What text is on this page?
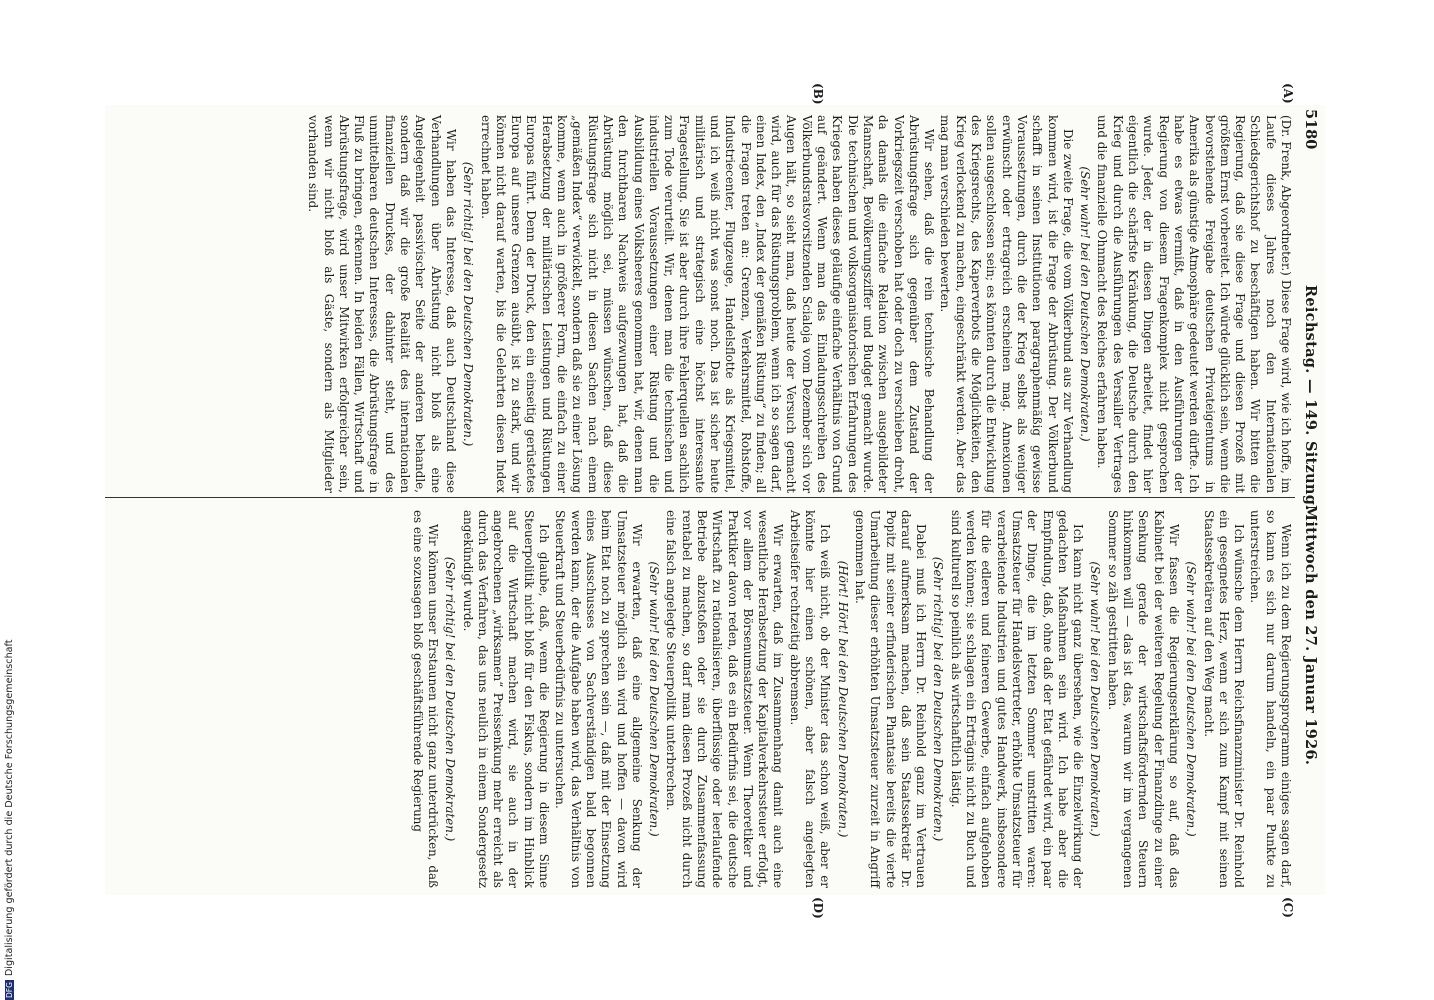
5180
Reichstag. — 149. Sitzung.
Mittwoch den 27. Januar 1926.
(A)
(B)
(C)
(D)

(Dr. Frenk, Abgeordneter.) Diese Frage wird, wie ich hoffe, im Laufe dieses Jahres noch den Internationalen Schiedsgerichtshof zu beschäftigen haben. Wir bitten die Regierung, daß sie diese Frage und diesen Prozeß mit größtem Ernst vorbereitet. Ich würde glücklich sein, wenn die bevorstehende Freigabe deutschen Privateigentums in Amerika als günstige Atmosphäre gedeutet werden dürfte. Ich habe es etwas vermißt, daß in den Ausführungen der Regierung von diesem Fragenkomplex nicht gesprochen wurde. Jeder, der in diesen Dingen arbeitet, findet hier eigentlich die schärfste Kränkung, die Deutsche durch den Krieg und durch die Ausführungen des Versailler Vertrages und die finanzielle Ohnmacht des Reiches erfahren haben.

(Sehr wahr! bei den Deutschen Demokraten.)

Die zweite Frage, die vom Völkerbund aus zur Verhandlung kommen wird, ist die Frage der Abrüstung. Der Völkerbund schafft in seinen Institutionen paragraphenmäßig gewisse Voraussetzungen, durch die der Krieg selbst als weniger erwünscht oder ertragreich erscheinen mag. Annexionen sollen ausgeschlossen sein; es könnten durch die Entwicklung des Kriegsrechts, des Kaperverbots die Möglichkeiten, den Krieg verlockend zu machen, eingeschränkt werden. Aber das mag man verschieden bewerten.

Wir sehen, daß die rein technische Behandlung der Abrüstungsfrage sich gegenüber dem Zustand der Vorkriegszeit verschoben hat oder doch zu verschieben droht, da damals die einfache Relation zwischen ausgebildeter Mannschaft, Bevölkerungsziffer und Budget gemacht wurde. Die technischen und volksorganisatorischen Erfahrungen des Krieges haben dieses geläufige einfache Verhältnis von Grund auf geändert. Wenn man das Einladungsschreiben des Völkerbundsratsvorsitzenden Scialoja vom Dezember sich vor Augen hält, so sieht man, daß heute der Versuch gemacht wird, auch für das Rüstungsproblem, wenn ich so sagen darf, einen Index, den „Index der gemäßen Rüstung“ zu finden; all die Fragen treten an: Grenzen, Verkehrsmittel, Rohstoffe, Industriecenter, Flugzeuge, Handelsflotte als Kriegsmittel, und ich weiß nicht was sonst noch. Das ist sicher heute militärisch und strategisch eine höchst interessante Fragestellung. Sie ist aber durch ihre Fehlerquellen sachlich zum Tode verurteilt. Wir, denen man die technischen und industriellen Voraussetzungen einer Rüstung und die Ausbildung eines Volksheeres genommen hat, wir, denen man den furchtbaren Nachweis aufgezwungen hat, daß die Abrüstung möglich sei, müssen wünschen, daß diese Rüstungsfrage sich nicht in diesen Sachen nach einem „gemäßen Index“ verwickelt, sondern daß sie zu einer Lösung komme, wenn auch in größerer Form, die einfach zu einer Herabsetzung der militärischen Leistungen und Rüstungen Europas führt. Denn der Druck, den ein einseitig gerüstetes Europa auf unsere Grenzen ausübt, ist zu stark, und wir können nicht darauf warten, bis die Gelehrten diesen Index errechnet haben.

(Sehr richtig! bei den Deutschen Demokraten.)

Wir haben das Interesse, daß auch Deutschland diese Verhandlungen über Abrüstung nicht bloß als eine Angelegenheit passivischer Seite der anderen behandle, sondern daß wir die große Realität des internationalen finanziellen Druckes, der dahinter steht, und des unmittelbaren deutschen Interesses, die Abrüstungsfrage in Fluß zu bringen, erkennen. In beiden Fällen, Wirtschaft und Abrüstungsfrage, wird unser Mitwirken erfolgreicher sein, wenn wir nicht bloß als Gäste, sondern als Mitglieder vorhanden sind.

Wenn ich zu dem Regierungsprogramm einiges sagen darf, so kann es sich nur darum handeln, ein paar Punkte zu unterstreichen.

Ich wünsche dem Herrn Reichsfinanzminister Dr. Reinhold ein gesegnetes Herz, wenn er sich zum Kampf mit seinen Staatssekretären auf den Weg macht.

(Sehr wahr! bei den Deutschen Demokraten.)

Wir fassen die Regierungserklärung so auf, daß das Kabinett bei der weiteren Regelung der Finanzdinge zu einer Senkung gerade der wirtschaftsfördernden Steuern hinkommen will — das ist das, warum wir im vergangenen Sommer so zäh gestritten haben.

(Sehr wahr! bei den Deutschen Demokraten.)

Ich kann nicht ganz übersehen, wie die Einzelwirkung der gedachten Maßnahmen sein wird. Ich habe aber die Empfindung, daß, ohne daß der Etat gefährdet wird, ein paar der Dinge, die im letzten Sommer umstritten waren: Umsatzsteuer für Handelsvertreter, erhöhte Umsatzsteuer für verarbeitende Industrien und gutes Handwerk, insbesondere für die edleren und feineren Gewerbe, einfach aufgehoben werden können; sie schlagen ein Erträgnis nicht zu Buch und sind kulturell so peinlich als wirtschaftlich lästig.

(Sehr richtig! bei den Deutschen Demokraten.)

Dabei muß ich Herrn Dr. Reinhold ganz im Vertrauen darauf aufmerksam machen, daß sein Staatssekretär Dr. Popitz mit seiner erfinderischen Phantasie bereits die vierte Umarbeitung dieser erhöhten Umsatzsteuer zurzeit in Angriff genommen hat.

(Hört! Hört! bei den Deutschen Demokraten.)

Ich weiß nicht, ob der Minister das schon weiß, aber er könnte hier einen schönen, aber falsch angelegten Arbeitseifer rechtzeitig abbremsen.

Wir erwarten, daß im Zusammenhang damit auch eine wesentliche Herabsetzung der Kapitalverkehrssteuer erfolgt, vor allem der Börsenumsatzsteuer. Wenn Theoretiker und Praktiker davon reden, daß es ein Bedürfnis sei, die deutsche Wirtschaft zu rationalisieren, überflüssige oder leerlaufende Betriebe abzustoßen oder sie durch Zusammenfassung rentabel zu machen, so darf man diesen Prozeß nicht durch eine falsch angelegte Steuerpolitik unterbrechen.

(Sehr wahr! bei den Deutschen Demokraten.)

Wir erwarten, daß eine allgemeine Senkung der Umsatzsteuer möglich sein wird und hoffen — davon wird beim Etat noch zu sprechen sein —, daß mit der Einsetzung eines Ausschusses von Sachverständigen bald begonnen werden kann, der die Aufgabe haben wird, das Verhältnis von Steuerkraft und Steuerbedürfnis zu untersuchen.

Ich glaube, daß, wenn die Regierung in diesem Sinne Steuerpolitik nicht bloß für den Fiskus, sondern im Hinblick auf die Wirtschaft machen wird, sie auch in der angebrochenen „wirksamen“ Preissenkung mehr erreicht als durch das Verfahren, das uns neulich in einem Sondergesetz angekündigt wurde.

(Sehr richtig! bei den Deutschen Demokraten.)

Wir können unser Erstaunen nicht ganz unterdrücken, daß es eine sozusagen bloß geschäftsführende Regierung

DFG
Digitalisierung gefördert durch die Deutsche Forschungsgemeinschaft
